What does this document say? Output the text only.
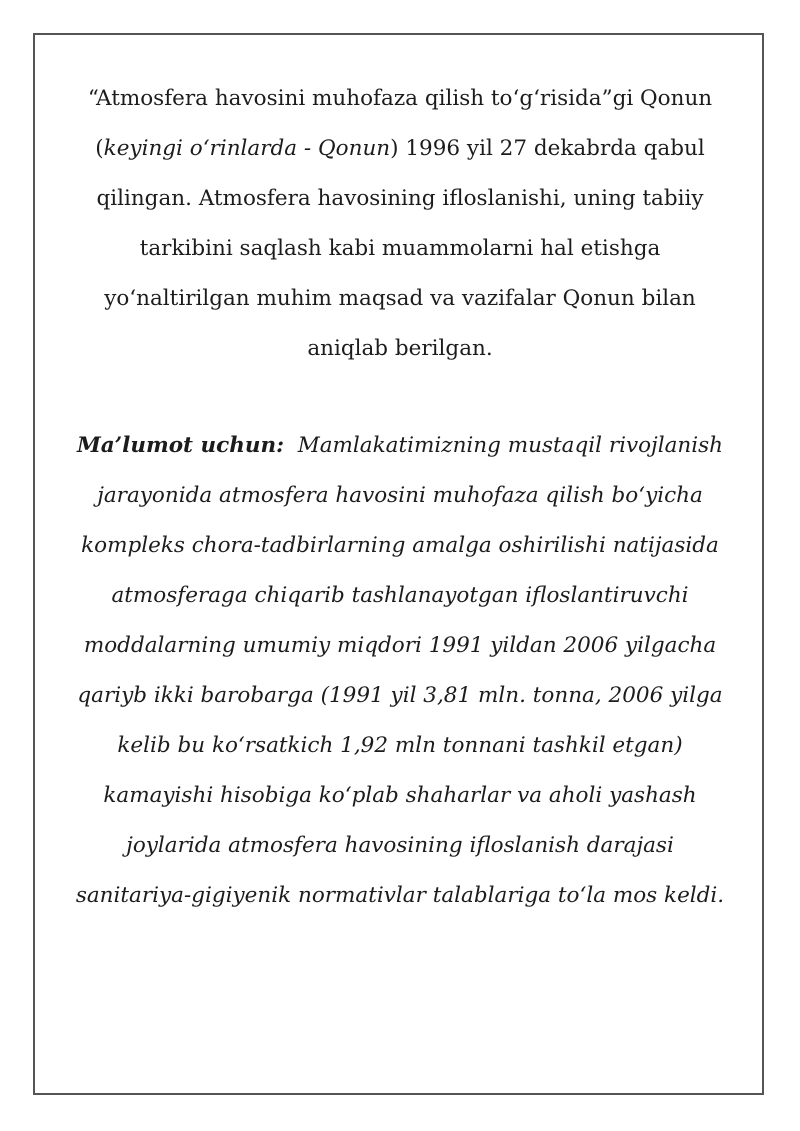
“Atmosfera havosini muhofaza qilish to‘g‘risida”gi Qonun (keyingi o‘rinlarda - Qonun) 1996 yil 27 dekabrda qabul qilingan. Atmosfera havosining ifloslanishi, uning tabiiy tarkibini saqlash kabi muammolarni hal etishga yo‘naltirilgan muhim maqsad va vazifalar Qonun bilan aniqlab berilgan.

Ma’lumot uchun: Mamlakatimizning mustaqil rivojlanish jarayonida atmosfera havosini muhofaza qilish bo‘yicha kompleks chora-tadbirlarning amalga oshirilishi natijasida atmosferaga chiqarib tashlanayotgan ifloslantiruvchi moddalarning umumiy miqdori 1991 yildan 2006 yilgacha qariyb ikki barobarga (1991 yil 3,81 mln. tonna, 2006 yilga kelib bu ko‘rsatkich 1,92 mln tonnani tashkil etgan) kamayishi hisobiga ko‘plab shaharlar va aholi yashash joylarida atmosfera havosining ifloslanish darajasi sanitariya-gigiyenik normativlar talablariga to‘la mos keldi.
